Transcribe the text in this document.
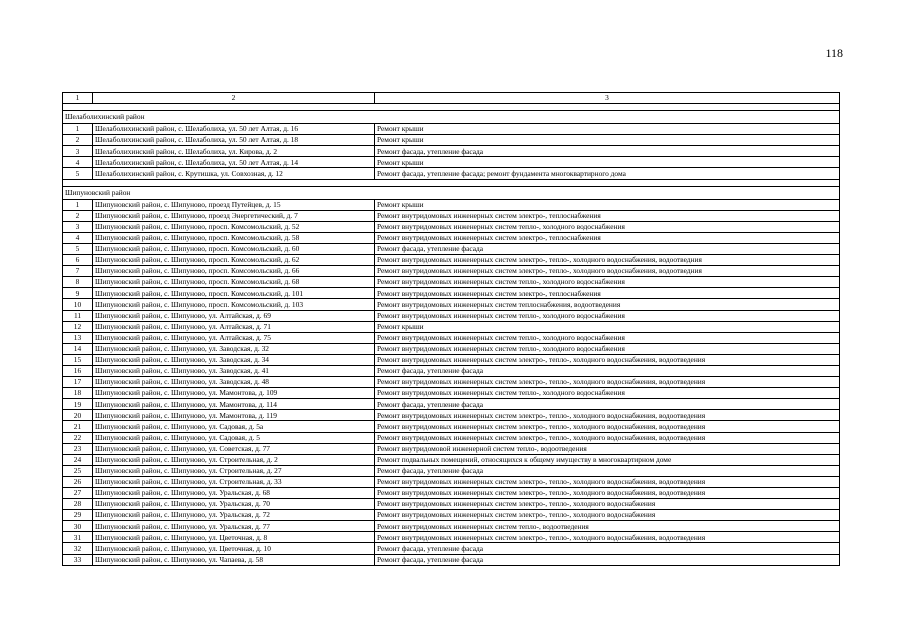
118
1	2	3

Шелаболихинский район		
1	Шелаболихинский район, с. Шелаболиха, ул. 50 лет Алтая, д. 16	Ремонт крыши
2	Шелаболихинский район, с. Шелаболиха, ул. 50 лет Алтая, д. 18	Ремонт крыши
3	Шелаболихинский район, с. Шелаболиха, ул. Кирова, д. 2	Ремонт фасада, утепление фасада
4	Шелаболихинский район, с. Шелаболиха, ул. 50 лет Алтая, д. 14	Ремонт крыши
5	Шелаболихинский район, с. Крутишка, ул. Совхозная, д. 12	Ремонт фасада, утепление фасада; ремонт фундамента многоквартирного дома

Шипуновский район		
1	Шипуновский район, с. Шипуново, проезд Путейцев, д. 15	Ремонт крыши
2	Шипуновский район, с. Шипуново, проезд Энергетический, д. 7	Ремонт внутридомовых инженерных систем электро-, теплоснабжения
3	Шипуновский район, с. Шипуново, просп. Комсомольский, д. 52	Ремонт внутридомовых инженерных систем тепло-, холодного водоснабжения
4	Шипуновский район, с. Шипуново, просп. Комсомольский, д. 58	Ремонт внутридомовых инженерных систем электро-, теплоснабжения
5	Шипуновский район, с. Шипуново, просп. Комсомольский, д. 60	Ремонт фасада, утепление фасада
6	Шипуновский район, с. Шипуново, просп. Комсомольский, д. 62	Ремонт внутридомовых инженерных систем электро-, тепло-, холодного водоснабжения, водоотведния
7	Шипуновский район, с. Шипуново, просп. Комсомольский, д. 66	Ремонт внутридомовых инженерных систем электро-, тепло-, холодного водоснабжения, водоотведния
8	Шипуновский район, с. Шипуново, просп. Комсомольский, д. 68	Ремонт внутридомовых инженерных систем тепло-, холодного водоснабжения
9	Шипуновский район, с. Шипуново, просп. Комсомольский, д. 101	Ремонт внутридомовых инженерных систем электро-, теплоснабжения
10	Шипуновский район, с. Шипуново, просп. Комсомольский, д. 103	Ремонт внутридомовых инженерных систем теплоснабжения, водоотведения
11	Шипуновский район, с. Шипуново, ул. Алтайская, д. 69	Ремонт внутридомовых инженерных систем тепло-, холодного водоснабжения
12	Шипуновский район, с. Шипуново, ул. Алтайская, д. 71	Ремонт крыши
13	Шипуновский район, с. Шипуново, ул. Алтайская, д. 75	Ремонт внутридомовых инженерных систем тепло-, холодного водоснабжения
14	Шипуновский район, с. Шипуново, ул. Заводская, д. 32	Ремонт внутридомовых инженерных систем тепло-, холодного водоснабжения
15	Шипуновский район, с. Шипуново, ул. Заводская, д. 34	Ремонт внутридомовых инженерных систем электро-, тепло-, холодного водоснабжения, водоотведения
16	Шипуновский район, с. Шипуново, ул. Заводская, д. 41	Ремонт фасада, утепление фасада
17	Шипуновский район, с. Шипуново, ул. Заводская, д. 48	Ремонт внутридомовых инженерных систем электро-, тепло-, холодного водоснабжения, водоотведения
18	Шипуновский район, с. Шипуново, ул. Мамонтова, д. 109	Ремонт внутридомовых инженерных систем тепло-, холодного водоснабжения
19	Шипуновский район, с. Шипуново, ул. Мамонтова, д. 114	Ремонт фасада, утепление фасада
20	Шипуновский район, с. Шипуново, ул. Мамонтова, д. 119	Ремонт внутридомовых инженерных систем электро-, тепло-, холодного водоснабжения, водоотведения
21	Шипуновский район, с. Шипуново, ул. Садовая, д. 5а	Ремонт внутридомовых инженерных систем электро-, тепло-, холодного водоснабжения, водоотведения
22	Шипуновский район, с. Шипуново, ул. Садовая, д. 5	Ремонт внутридомовых инженерных систем электро-, тепло-, холодного водоснабжения, водоотведения
23	Шипуновский район, с. Шипуново, ул. Советская, д. 77	Ремонт внутридомовой инженерной систем тепло-, водоотведения
24	Шипуновский район, с. Шипуново, ул. Строительная, д. 2	Ремонт подвальных помещений, относящихся к общему имуществу в многоквартирном доме
25	Шипуновский район, с. Шипуново, ул. Строительная, д. 27	Ремонт фасада, утепление фасада
26	Шипуновский район, с. Шипуново, ул. Строительная, д. 33	Ремонт внутридомовых инженерных систем электро-, тепло-, холодного водоснабжения, водоотведения
27	Шипуновский район, с. Шипуново, ул. Уральская, д. 68	Ремонт внутридомовых инженерных систем электро-, тепло-, холодного водоснабжения, водоотведения
28	Шипуновский район, с. Шипуново, ул. Уральская, д. 70	Ремонт внутридомовых инженерных систем электро-, тепло-, холодного водоснабжения
29	Шипуновский район, с. Шипуново, ул. Уральская, д. 72	Ремонт внутридомовых инженерных систем электро-, тепло-, холодного водоснабжения
30	Шипуновский район, с. Шипуново, ул. Уральская, д. 77	Ремонт внутридомовых инженерных систем тепло-, водоотведения
31	Шипуновский район, с. Шипуново, ул. Цветочная, д. 8	Ремонт внутридомовых инженерных систем электро-, тепло-, холодного водоснабжения, водоотведения
32	Шипуновский район, с. Шипуново, ул. Цветочная, д. 10	Ремонт фасада, утепление фасада
33	Шипуновский район, с. Шипуново, ул. Чапаева, д. 58	Ремонт фасада, утепление фасада
